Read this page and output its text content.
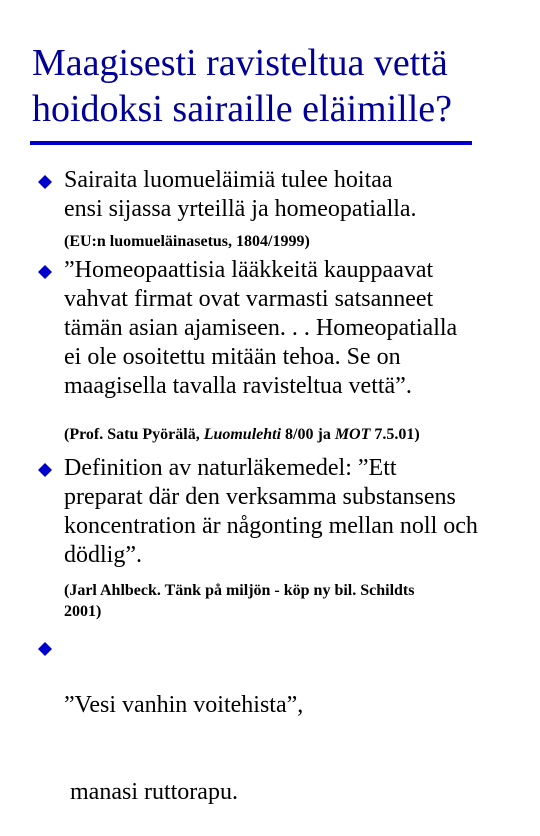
Maagisesti ravisteltua vettä
hoidoksi sairaille eläimille?
Sairaita luomueläimiä tulee hoitaa
ensi sijassa yrteillä ja homeopatialla.
(EU:n luomueläinasetus, 1804/1999)
”Homeopaattisia lääkkeitä kauppaavat
vahvat firmat ovat varmasti satsanneet
tämän asian ajamiseen. . . Homeopatialla
ei ole osoitettu mitään tehoa. Se on
maagisella tavalla ravisteltua vettä”.
(Prof. Satu Pyörälä, Luomulehti 8/00 ja MOT 7.5.01)
Definition av naturläkemedel: ”Ett
preparat där den verksamma substansens
koncentration är någonting mellan noll och
dödlig”.
(Jarl Ahlbeck. Tänk på miljön - köp ny bil. Schildts
2001)

”Vesi vanhin voitehista”,

manasi ruttorapu.
